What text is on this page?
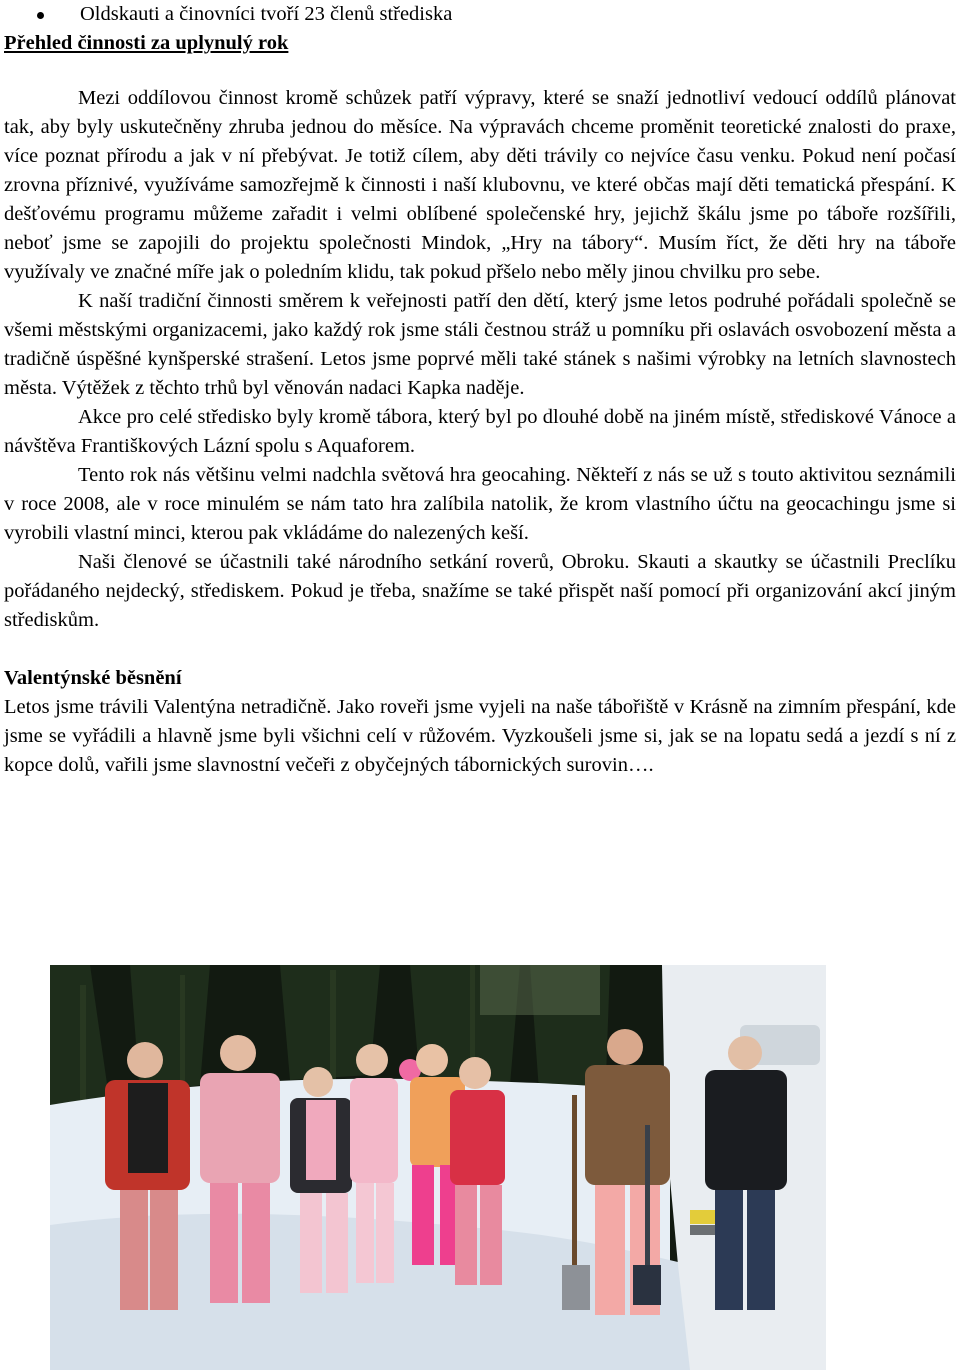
Oldskauti a činovníci tvoří 23 členů střediska
Přehled činnosti za uplynulý rok

Mezi oddílovou činnost kromě schůzek patří výpravy, které se snaží jednotliví vedoucí oddílů plánovat tak, aby byly uskutečněny zhruba jednou do měsíce. Na výpravách chceme proměnit teoretické znalosti do praxe, více poznat přírodu a jak v ní přebývat. Je totiž cílem, aby děti trávily co nejvíce času venku. Pokud není počasí zrovna příznivé, využíváme samozřejmě k činnosti i naší klubovnu, ve které občas mají děti tematická přespání. K dešťovému programu můžeme zařadit i velmi oblíbené společenské hry, jejichž škálu jsme po táboře rozšířili, neboť jsme se zapojili do projektu společnosti Mindok, „Hry na tábory“. Musím říct, že děti hry na táboře využívaly ve značné míře jak o poledním klidu, tak pokud přšelo nebo měly jinou chvilku pro sebe.

K naší tradiční činnosti směrem k veřejnosti patří den dětí, který jsme letos podruhé pořádali společně se všemi městskými organizacemi, jako každý rok jsme stáli čestnou stráž u pomníku při oslavách osvobození města a tradičně úspěšné kynšperské strašení. Letos jsme poprvé měli také stánek s našimi výrobky na letních slavnostech města. Výtěžek z těchto trhů byl věnován nadaci Kapka naděje.

Akce pro celé středisko byly kromě tábora, který byl po dlouhé době na jiném místě, střediskové Vánoce a návštěva Františkových Lázní spolu s Aquaforem.

Tento rok nás většinu velmi nadchla světová hra geocahing. Někteří z nás se už s touto aktivitou seznámili v roce 2008, ale v roce minulém se nám tato hra zalíbila natolik, že krom vlastního účtu na geocachingu jsme si vyrobili vlastní minci, kterou pak vkládáme do nalezených keší.

Naši členové se účastnili také národního setkání roverů, Obroku. Skauti a skautky se účastnili Preclíku pořádaného nejdecký, střediskem. Pokud je třeba, snažíme se také přispět naší pomocí při organizování akcí jiným střediskům.

Valentýnské běsnění

Letos jsme trávili Valentýna netradičně. Jako roveři jsme vyjeli na naše tábořiště v Krásně na zimním přespání, kde jsme se vyřádili a hlavně jsme byli všichni celí v růžovém. Vyzkoušeli jsme si, jak se na lopatu sedá a jezdí s ní z kopce dolů, vařili jsme slavnostní večeři z obyčejných tábornických surovin….
